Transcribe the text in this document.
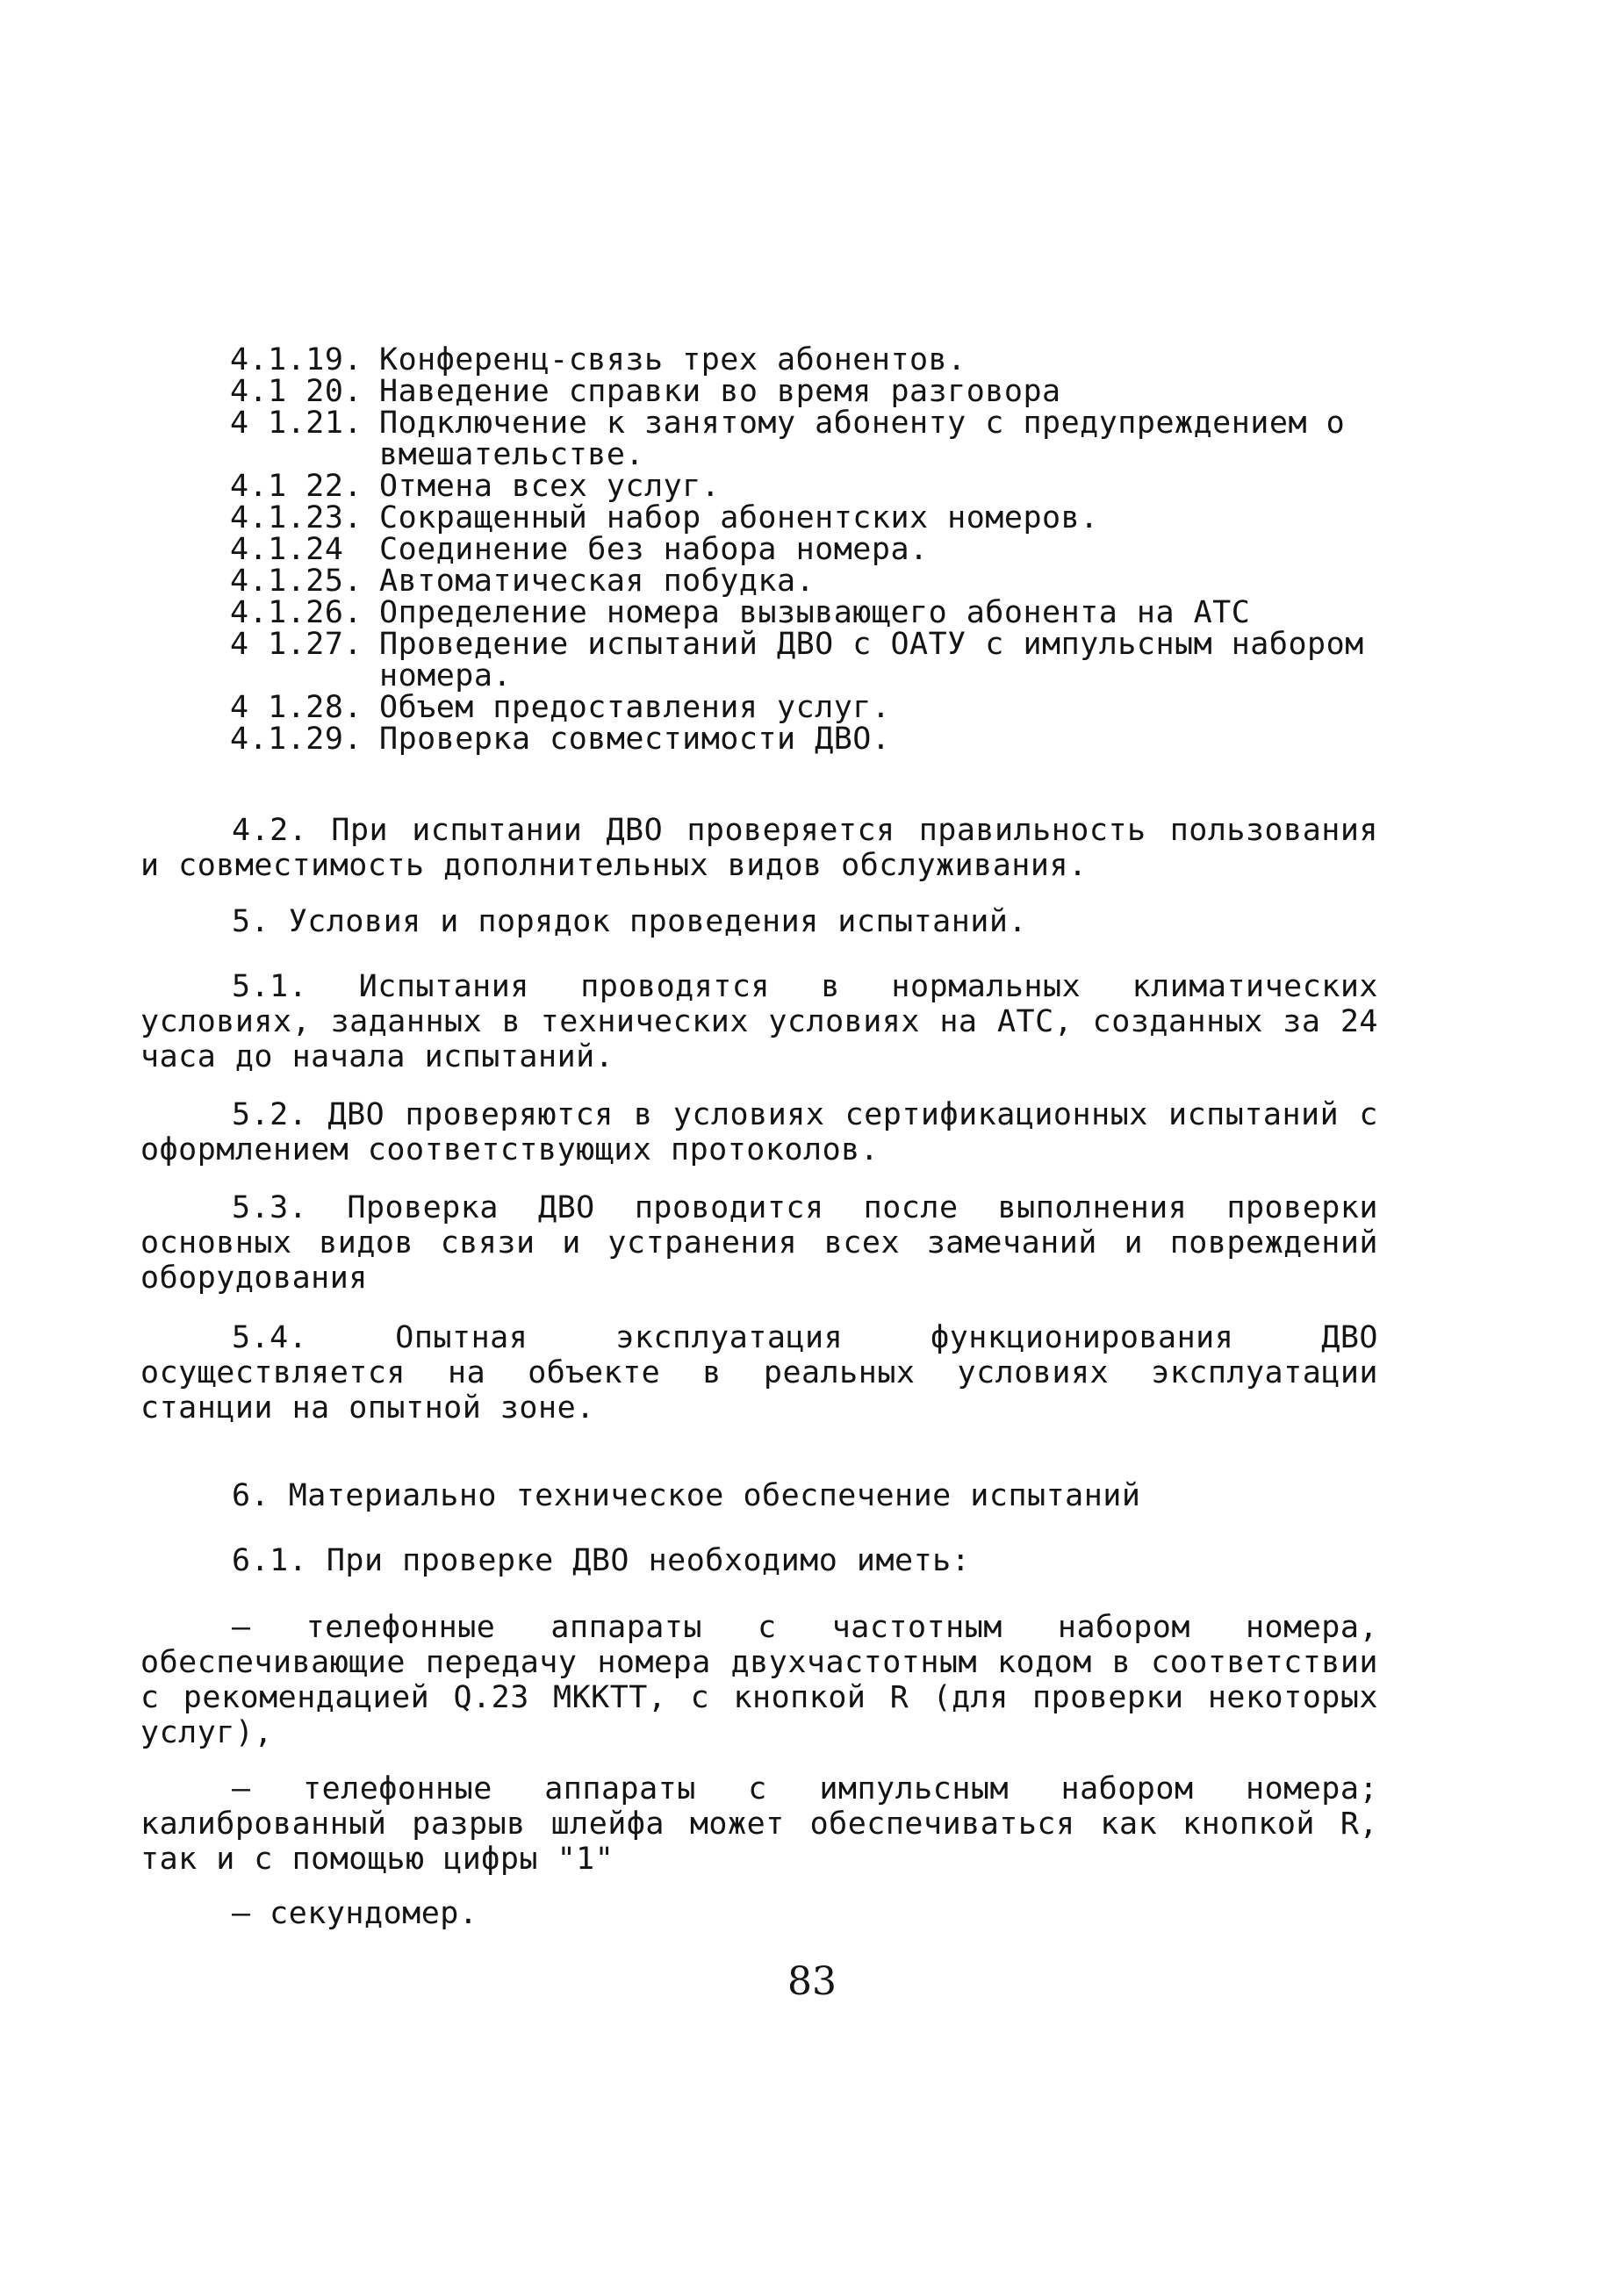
4.1.19. Конференц-связь трех абонентов.
4.1 20. Наведение справки во время разговора
4 1.21. Подключение к занятому абоненту с предупреждением о вмешательстве.
4.1 22. Отмена всех услуг.
4.1.23. Сокращенный набор абонентских номеров.
4.1.24	Соединение без набора номера.
4.1.25. Автоматическая побудка.
4.1.26. Определение номера вызывающего абонента на АТС
4 1.27. Проведение испытаний ДВО с ОАТУ с импульсным набором номера.
4 1.28. Объем предоставления услуг.
4.1.29. Проверка совместимости ДВО.
4.2. При испытании ДВО проверяется правильность пользования и совместимость дополнительных видов обслуживания.
5. Условия и порядок проведения испытаний.
5.1. Испытания проводятся в нормальных климатических условиях, заданных в технических условиях на АТС, созданных за 24 часа до начала испытаний.
5.2. ДВО проверяются в условиях сертификационных испытаний с оформлением соответствующих протоколов.
5.3. Проверка ДВО проводится после выполнения проверки основных видов связи и устранения всех замечаний и повреждений оборудования
5.4. Опытная эксплуатация функционирования ДВО осуществляется на объекте в реальных условиях эксплуатации станции на опытной зоне.
6. Материально техническое обеспечение испытаний
6.1. При проверке ДВО необходимо иметь:
– телефонные аппараты с частотным набором номера, обеспечивающие передачу номера двухчастотным кодом в соответствии с рекомендацией Q.23 МККТТ, с кнопкой R (для проверки некоторых услуг),
– телефонные аппараты с импульсным набором номера; калиброванный разрыв шлейфа может обеспечиваться как кнопкой R, так и с помощью цифры "1"
– секундомер.
83
